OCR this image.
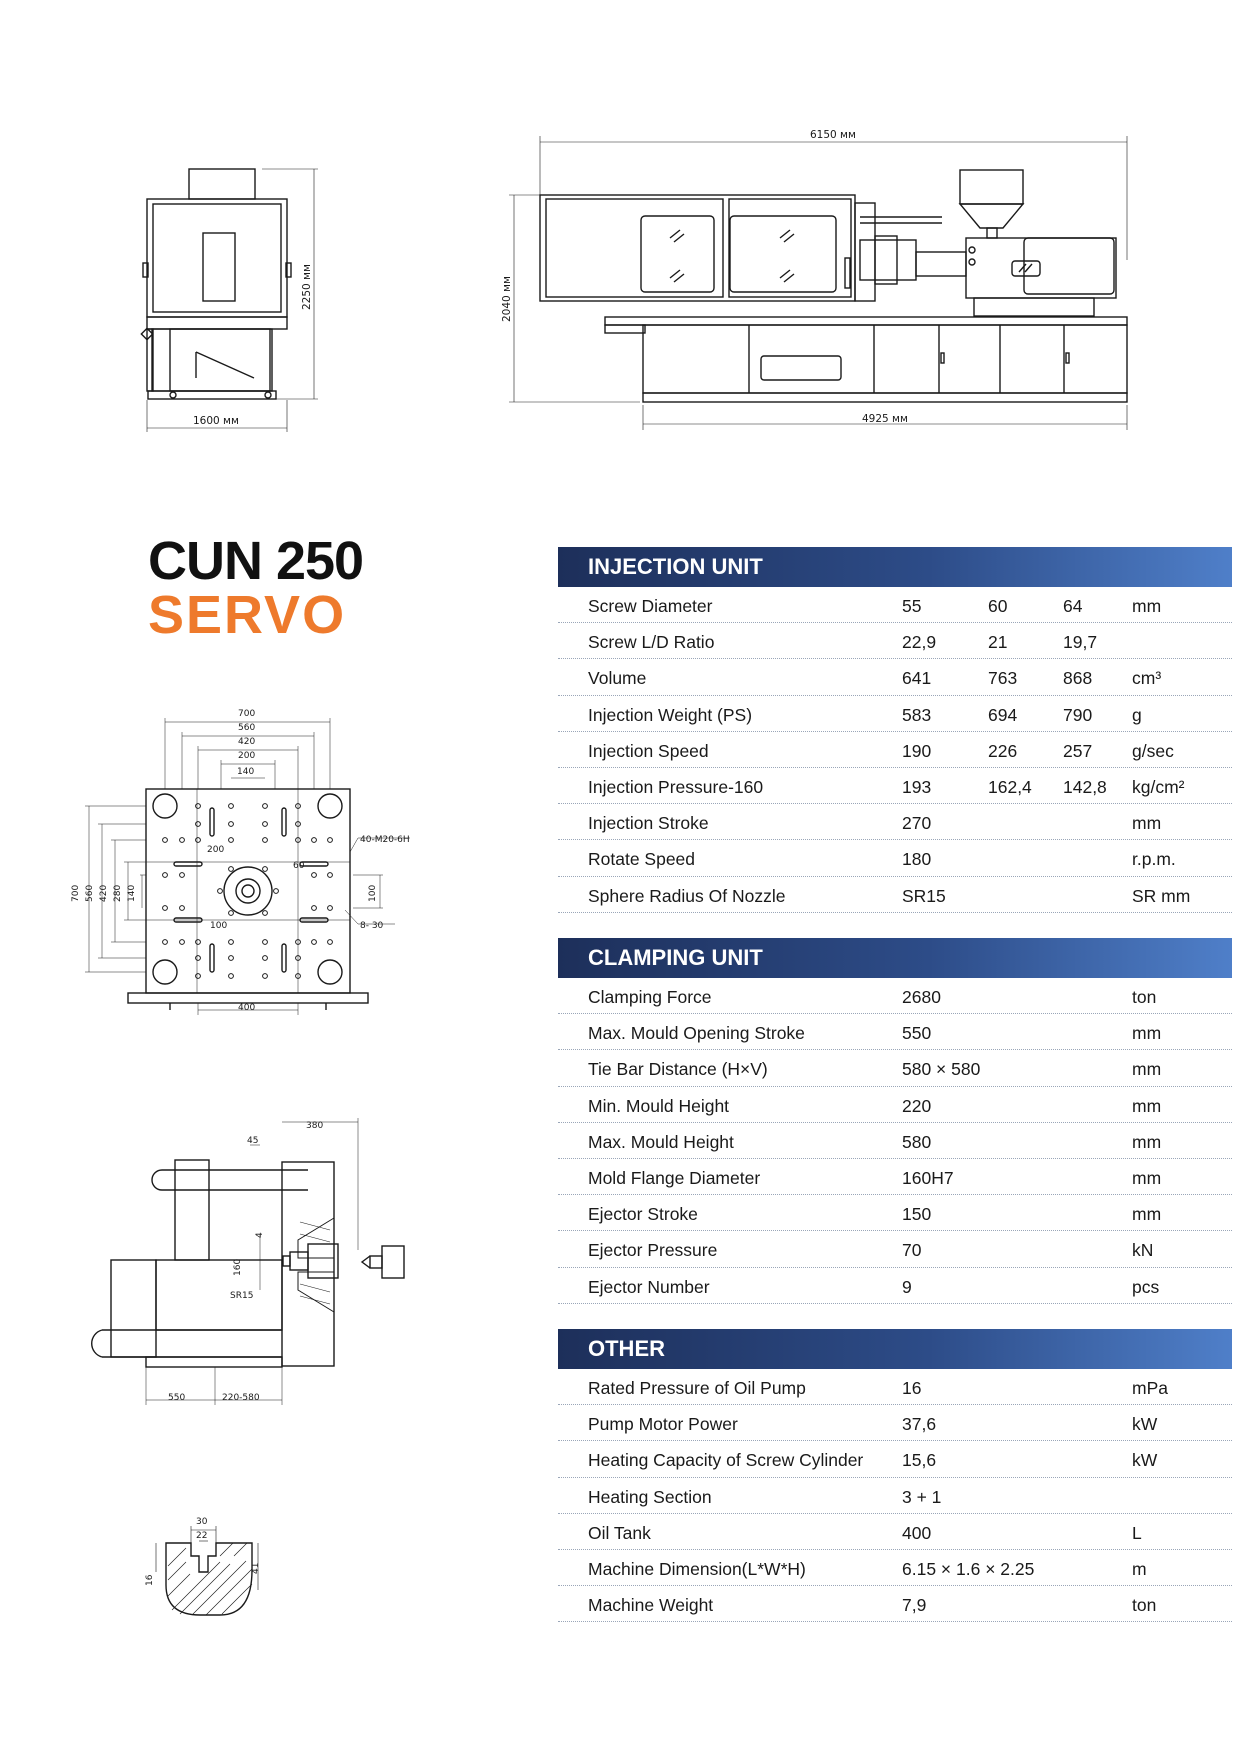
6150 мм
1600 мм
2250 мм	2040 мм
4925 мм
700
560
420
200
140
200
60
100
40-M20-6H
8- 30
100
400
700 560 420 280 140
380
45
4
160
SR15
550	220-580
30
22
16
41
CUN 250
SERVO
INJECTION UNIT
Screw Diameter	55	60	64	mm
Screw L/D Ratio	22,9	21	19,7
Volume	641	763	868 cm³
Injection Weight (PS)	583	694	790 g
Injection Speed	190	226	257 g/sec
Injection Pressure-160	193	162,4 142,8 kg/cm²
Injection Stroke	270	mm
Rotate Speed	180	r.p.m.
Sphere Radius Of Nozzle	SR15	SR mm
CLAMPING UNIT
Clamping Force	2680	ton
Max. Mould Opening Stroke	550	mm
Tie Bar Distance (H×V)	580 × 580	mm
Min. Mould Height	220	mm
Max. Mould Height	580	mm
Mold Flange Diameter	160H7	mm
Ejector Stroke	150	mm
Ejector Pressure	70	kN
Ejector Number	9	pcs
OTHER
Rated Pressure of Oil Pump	16	mPa
Pump Motor Power	37,6	kW
Heating Capacity of Screw Cylinder 15,6	kW
Heating Section	3 + 1
Oil Tank	400	L
Machine Dimension(L*W*H)	6.15 × 1.6 × 2.25	m
Machine Weight	7,9	ton
